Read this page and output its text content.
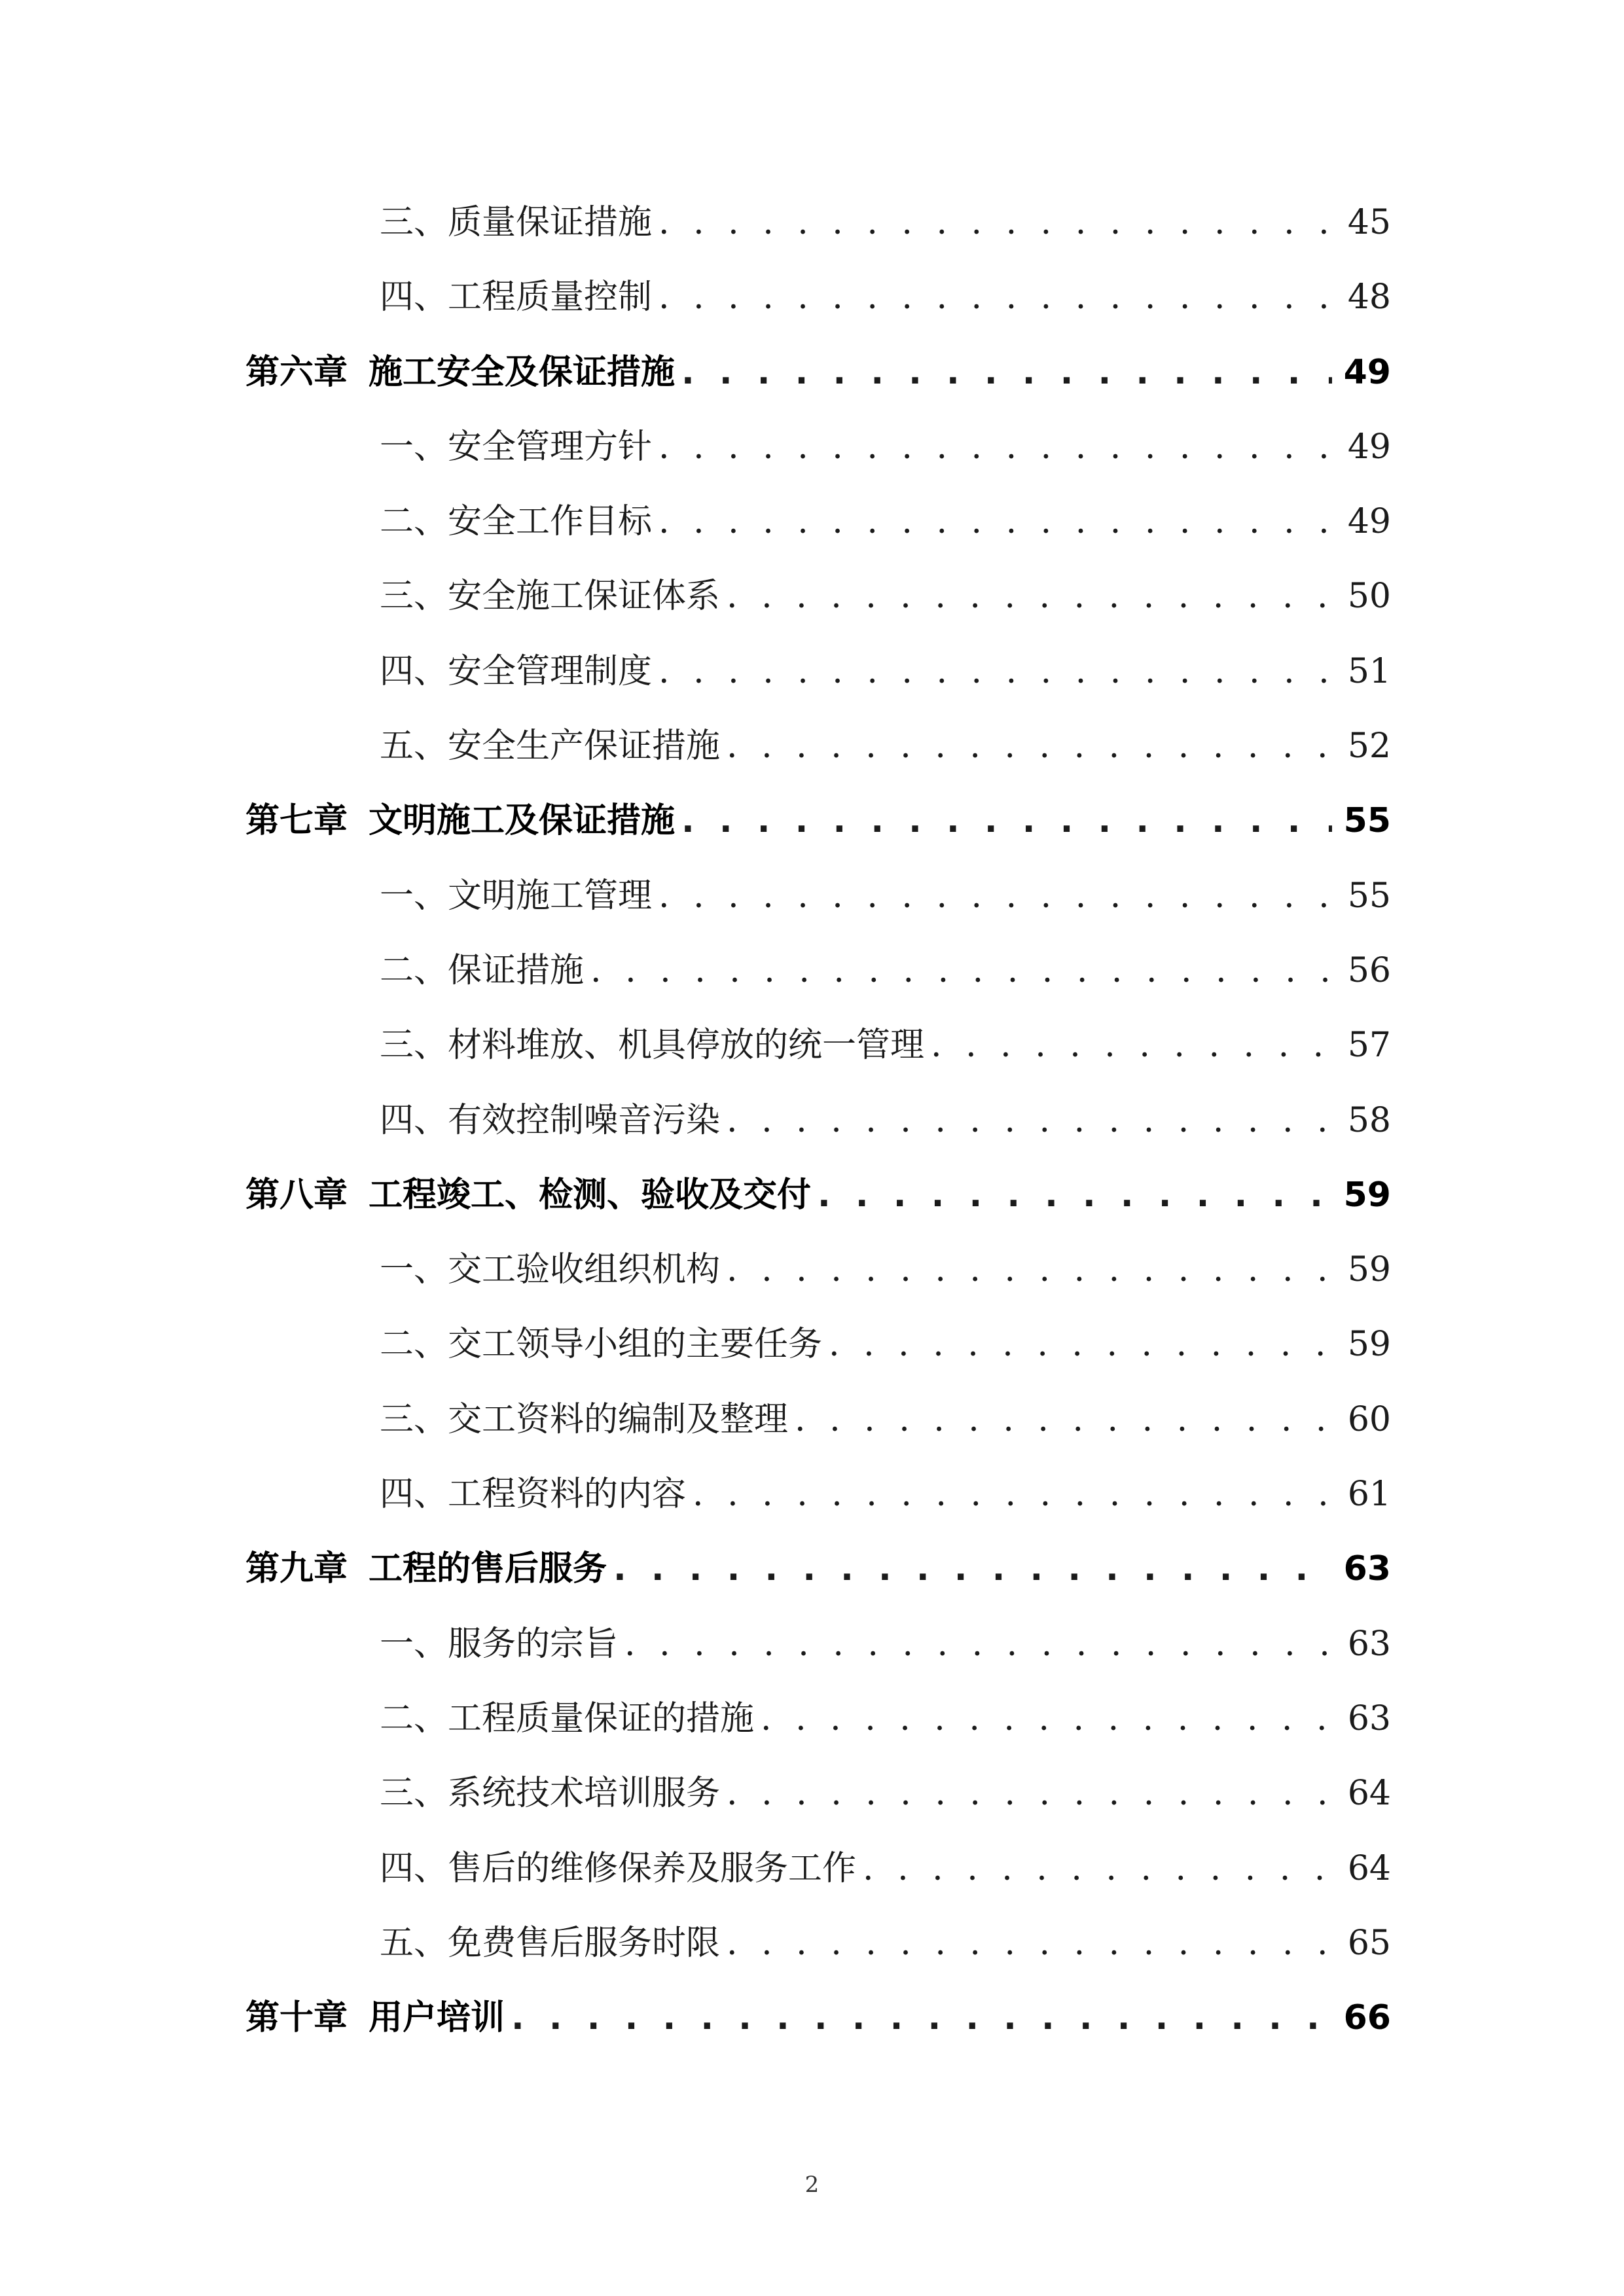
三、质量保证措施 . . .	45
四、工程质量控制 . . .	48
第六章 施工安全及保证措施 . . .	49
一、安全管理方针 . . .	49
二、安全工作目标 . . .	49
三、安全施工保证体系 . . .	50
四、安全管理制度 . . .	51
五、安全生产保证措施 . . .	52
第七章 文明施工及保证措施 . . .	55
一、文明施工管理 . . .	55
二、保证措施 . . .	56
三、材料堆放、机具停放的统一管理 . . .	57
四、有效控制噪音污染 . . .	58
第八章 工程竣工、检测、验收及交付 . . .	59
一、交工验收组织机构 . . .	59
二、交工领导小组的主要任务 . . .	59
三、交工资料的编制及整理 . . .	60
四、工程资料的内容 . . .	61
第九章 工程的售后服务 . . .	63
一、服务的宗旨 . . .	63
二、工程质量保证的措施 . . .	63
三、系统技术培训服务 . . .	64
四、售后的维修保养及服务工作 . . .	64
五、免费售后服务时限 . . .	65
第十章 用户培训 . . .	66
2
